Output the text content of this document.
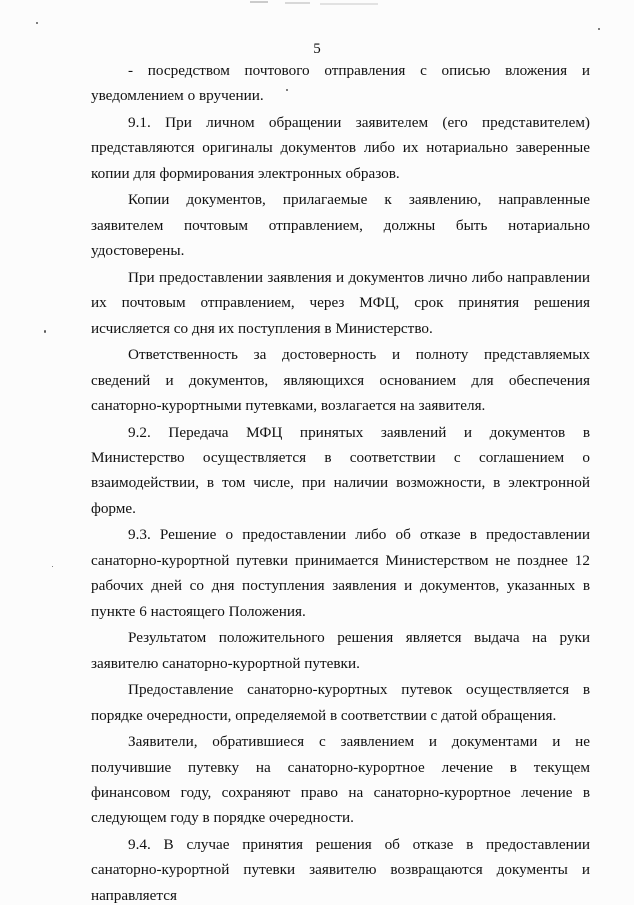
5

- посредством почтового отправления с описью вложения и уведомлением о вручении.

9.1. При личном обращении заявителем (его представителем) представляются оригиналы документов либо их нотариально заверенные копии для формирования электронных образов.

Копии документов, прилагаемые к заявлению, направленные заявителем почтовым отправлением, должны быть нотариально удостоверены.

При предоставлении заявления и документов лично либо направлении их почтовым отправлением, через МФЦ, срок принятия решения исчисляется со дня их поступления в Министерство.

Ответственность за достоверность и полноту представляемых сведений и документов, являющихся основанием для обеспечения санаторно-курортными путевками, возлагается на заявителя.

9.2. Передача МФЦ принятых заявлений и документов в Министерство осуществляется в соответствии с соглашением о взаимодействии, в том числе, при наличии возможности, в электронной форме.

9.3. Решение о предоставлении либо об отказе в предоставлении санаторно-курортной путевки принимается Министерством не позднее 12 рабочих дней со дня поступления заявления и документов, указанных в пункте 6 настоящего Положения.

Результатом положительного решения является выдача на руки заявителю санаторно-курортной путевки.

Предоставление санаторно-курортных путевок осуществляется в порядке очередности, определяемой в соответствии с датой обращения.

Заявители, обратившиеся с заявлением и документами и не получившие путевку на санаторно-курортное лечение в текущем финансовом году, сохраняют право на санаторно-курортное лечение в следующем году в порядке очередности.

9.4. В случае принятия решения об отказе в предоставлении санаторно-курортной путевки заявителю возвращаются документы и направляется
